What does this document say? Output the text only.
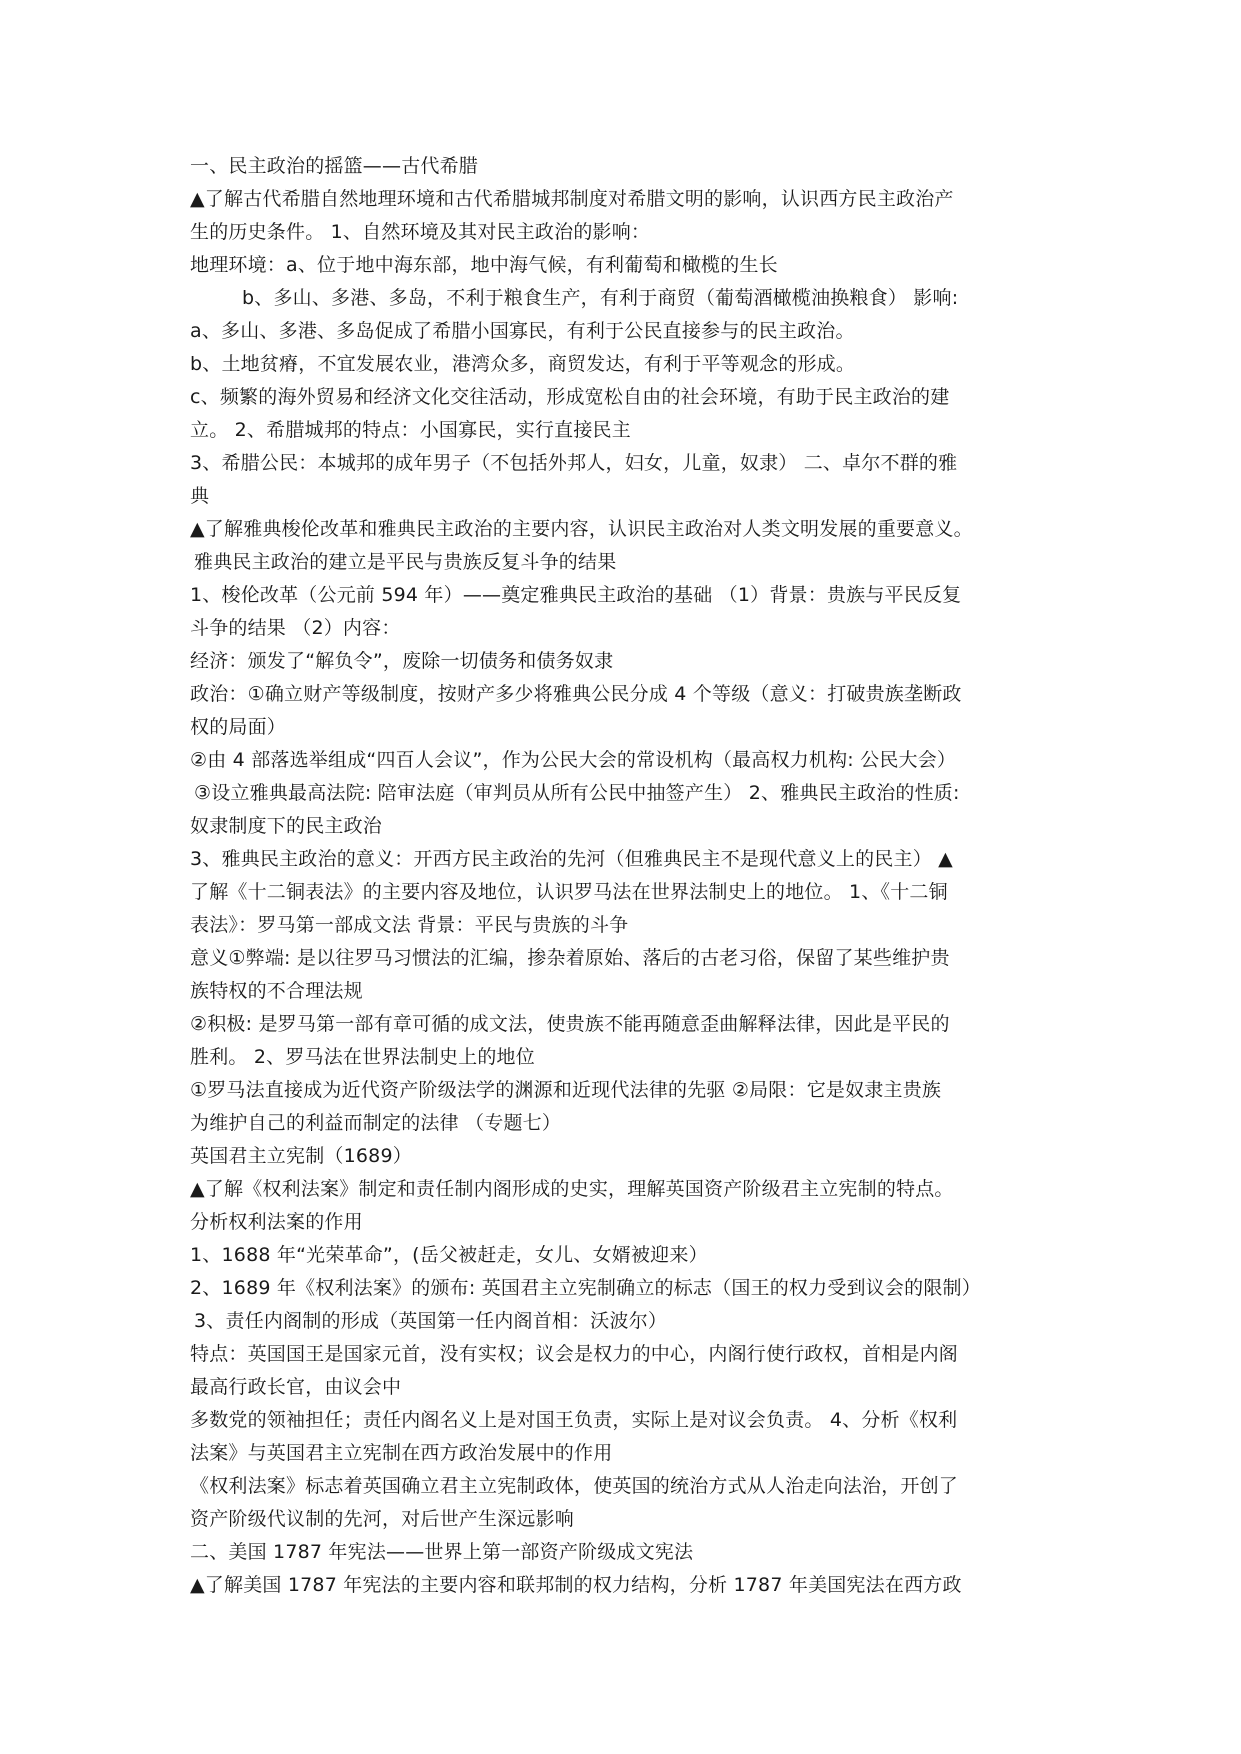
一、民主政治的摇篮——古代希腊
▲了解古代希腊自然地理环境和古代希腊城邦制度对希腊文明的影响，认识西方民主政治产
生的历史条件。 1、自然环境及其对民主政治的影响：
地理环境：a、位于地中海东部，地中海气候，有利葡萄和橄榄的生长
b、多山、多港、多岛，不利于粮食生产，有利于商贸（葡萄酒橄榄油换粮食） 影响:
a、多山、多港、多岛促成了希腊小国寡民，有利于公民直接参与的民主政治。
b、土地贫瘠，不宜发展农业，港湾众多，商贸发达，有利于平等观念的形成。
c、频繁的海外贸易和经济文化交往活动，形成宽松自由的社会环境，有助于民主政治的建
立。 2、希腊城邦的特点：小国寡民，实行直接民主
3、希腊公民：本城邦的成年男子（不包括外邦人，妇女，儿童，奴隶） 二、卓尔不群的雅
典
▲了解雅典梭伦改革和雅典民主政治的主要内容，认识民主政治对人类文明发展的重要意义。
雅典民主政治的建立是平民与贵族反复斗争的结果
1、梭伦改革（公元前 594 年）——奠定雅典民主政治的基础 （1）背景：贵族与平民反复
斗争的结果 （2）内容：
经济：颁发了“解负令”，废除一切债务和债务奴隶
政治：①确立财产等级制度，按财产多少将雅典公民分成 4 个等级（意义：打破贵族垄断政
权的局面）
②由 4 部落选举组成“四百人会议”，作为公民大会的常设机构（最高权力机构: 公民大会）
③设立雅典最高法院: 陪审法庭（审判员从所有公民中抽签产生） 2、雅典民主政治的性质:
奴隶制度下的民主政治
3、雅典民主政治的意义：开西方民主政治的先河（但雅典民主不是现代意义上的民主） ▲
了解《十二铜表法》的主要内容及地位，认识罗马法在世界法制史上的地位。 1、《十二铜
表法》：罗马第一部成文法 背景：平民与贵族的斗争
意义①弊端: 是以往罗马习惯法的汇编，掺杂着原始、落后的古老习俗，保留了某些维护贵
族特权的不合理法规
②积极: 是罗马第一部有章可循的成文法，使贵族不能再随意歪曲解释法律，因此是平民的
胜利。 2、罗马法在世界法制史上的地位
①罗马法直接成为近代资产阶级法学的渊源和近现代法律的先驱 ②局限：它是奴隶主贵族
为维护自己的利益而制定的法律 （专题七）
英国君主立宪制（1689）
▲了解《权利法案》制定和责任制内阁形成的史实，理解英国资产阶级君主立宪制的特点。
分析权利法案的作用
1、1688 年“光荣革命”，(岳父被赶走，女儿、女婿被迎来）
2、1689 年《权利法案》的颁布: 英国君主立宪制确立的标志（国王的权力受到议会的限制）
3、责任内阁制的形成（英国第一任内阁首相：沃波尔）
特点：英国国王是国家元首，没有实权；议会是权力的中心，内阁行使行政权，首相是内阁
最高行政长官，由议会中
多数党的领袖担任；责任内阁名义上是对国王负责，实际上是对议会负责。 4、分析《权利
法案》与英国君主立宪制在西方政治发展中的作用
《权利法案》标志着英国确立君主立宪制政体，使英国的统治方式从人治走向法治，开创了
资产阶级代议制的先河，对后世产生深远影响
二、美国 1787 年宪法——世界上第一部资产阶级成文宪法
▲了解美国 1787 年宪法的主要内容和联邦制的权力结构，分析 1787 年美国宪法在西方政
